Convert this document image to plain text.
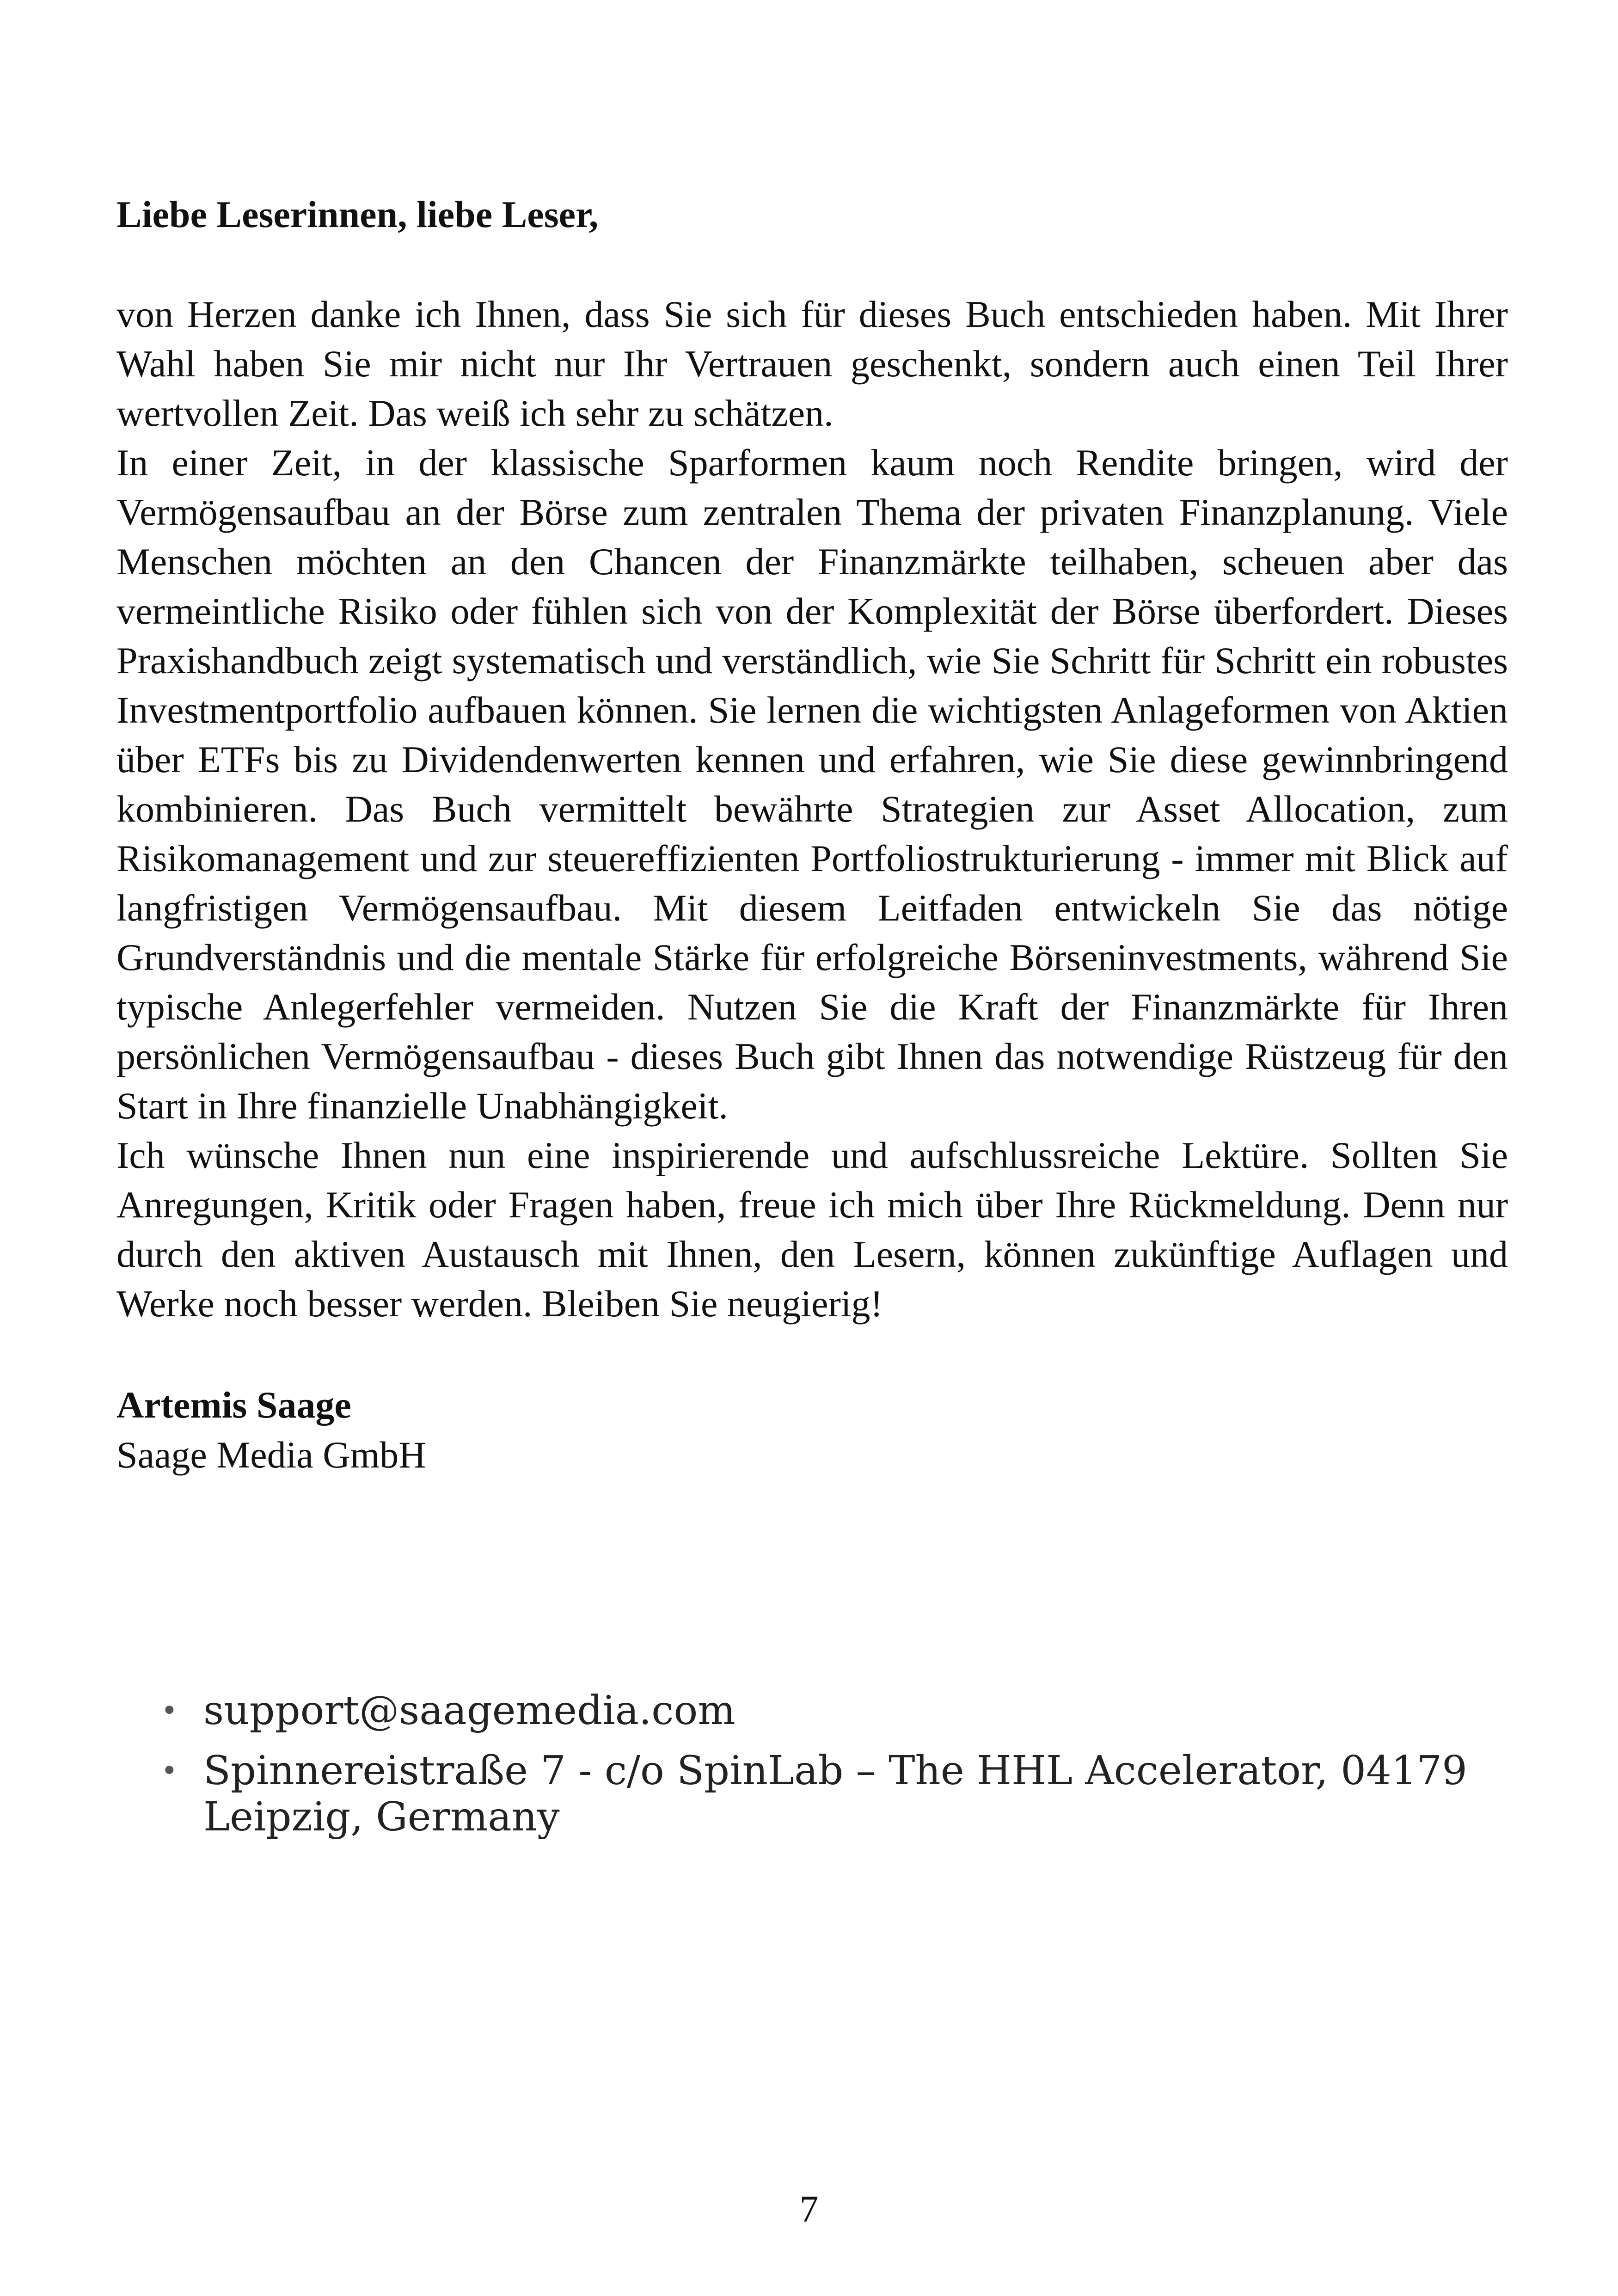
Liebe Leserinnen, liebe Leser,

von Herzen danke ich Ihnen, dass Sie sich für dieses Buch entschieden haben. Mit Ihrer Wahl haben Sie mir nicht nur Ihr Vertrauen geschenkt, sondern auch einen Teil Ihrer wertvollen Zeit. Das weiß ich sehr zu schätzen.

In einer Zeit, in der klassische Sparformen kaum noch Rendite bringen, wird der Vermögensaufbau an der Börse zum zentralen Thema der privaten Finanzplanung. Viele Menschen möchten an den Chancen der Finanzmärkte teilhaben, scheuen aber das vermeintliche Risiko oder fühlen sich von der Komplexität der Börse überfordert. Dieses Praxishandbuch zeigt systematisch und verständlich, wie Sie Schritt für Schritt ein robustes Investmentportfolio aufbauen können. Sie lernen die wichtigsten Anlageformen von Aktien über ETFs bis zu Dividendenwerten kennen und erfahren, wie Sie diese gewinnbringend kombinieren. Das Buch vermittelt bewährte Strategien zur Asset Allocation, zum Risikomanagement und zur steuereffizienten Portfoliostrukturierung - immer mit Blick auf langfristigen Vermögensaufbau. Mit diesem Leitfaden entwickeln Sie das nötige Grundverständnis und die mentale Stärke für erfolgreiche Börseninvestments, während Sie typische Anlegerfehler vermeiden. Nutzen Sie die Kraft der Finanzmärkte für Ihren persönlichen Vermögensaufbau - dieses Buch gibt Ihnen das notwendige Rüstzeug für den Start in Ihre finanzielle Unabhängigkeit.

Ich wünsche Ihnen nun eine inspirierende und aufschlussreiche Lektüre. Sollten Sie Anregungen, Kritik oder Fragen haben, freue ich mich über Ihre Rückmeldung. Denn nur durch den aktiven Austausch mit Ihnen, den Lesern, können zukünftige Auflagen und Werke noch besser werden. Bleiben Sie neugierig!

Artemis Saage
Saage Media GmbH
• support@saagemedia.com
• Spinnereistraße 7 - c/o SpinLab – The HHL Accelerator, 04179 Leipzig, Germany
7
